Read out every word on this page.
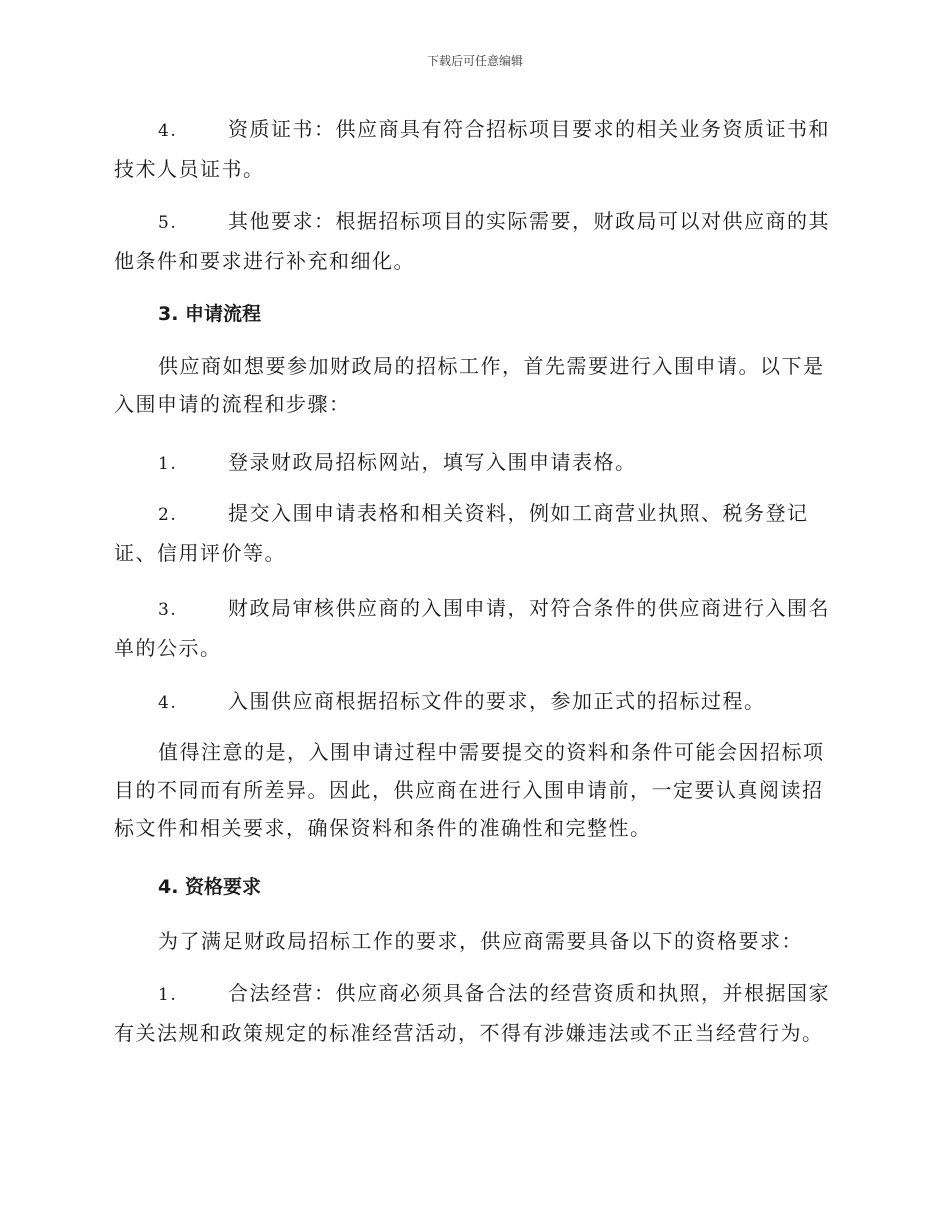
下载后可任意编辑
4.	资质证书：供应商具有符合招标项目要求的相关业务资质证书和
技术人员证书。
5.	其他要求：根据招标项目的实际需要，财政局可以对供应商的其
他条件和要求进行补充和细化。
3. 申请流程
供应商如想要参加财政局的招标工作，首先需要进行入围申请。以下是
入围申请的流程和步骤：
1.	登录财政局招标网站，填写入围申请表格。
2.	提交入围申请表格和相关资料，例如工商营业执照、税务登记
证、信用评价等。
3.	财政局审核供应商的入围申请，对符合条件的供应商进行入围名
单的公示。
4.	入围供应商根据招标文件的要求，参加正式的招标过程。
值得注意的是，入围申请过程中需要提交的资料和条件可能会因招标项
目的不同而有所差异。因此，供应商在进行入围申请前，一定要认真阅读招
标文件和相关要求，确保资料和条件的准确性和完整性。
4. 资格要求
为了满足财政局招标工作的要求，供应商需要具备以下的资格要求：
1.	合法经营：供应商必须具备合法的经营资质和执照，并根据国家
有关法规和政策规定的标准经营活动，不得有涉嫌违法或不正当经营行为。
